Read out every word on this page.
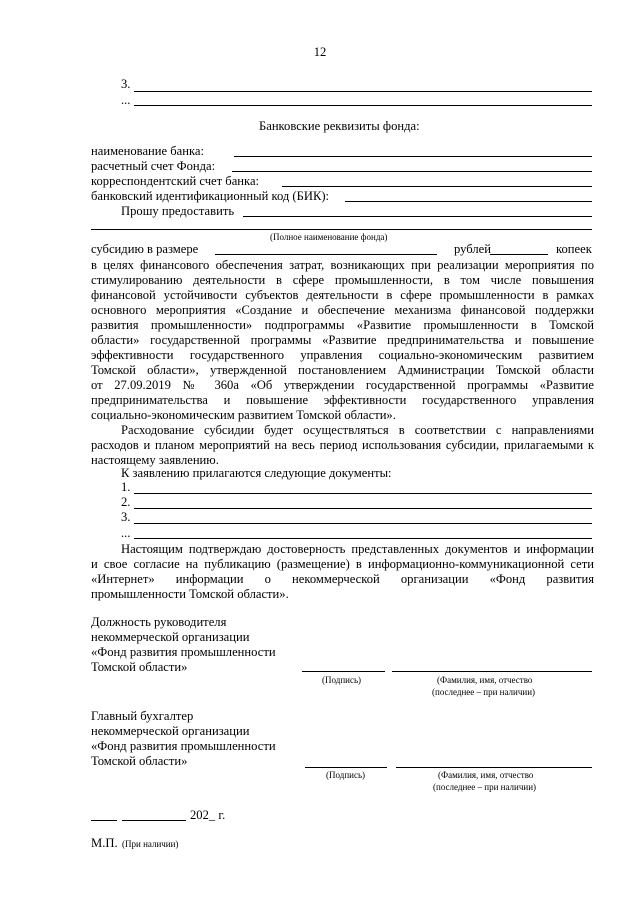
12
3.
...
Банковские реквизиты фонда:
наименование банка:
расчетный счет Фонда:
корреспондентский счет банка:
банковский идентификационный код (БИК):
Прошу предоставить
(Полное наименование фонда)
субсидию в размере	рублей	копеек
в целях финансового обеспечения затрат, возникающих при реализации мероприятия по
стимулированию деятельности в сфере промышленности, в том числе повышения
финансовой устойчивости субъектов деятельности в сфере промышленности в рамках
основного мероприятия «Создание и обеспечение механизма финансовой поддержки
развития промышленности» подпрограммы «Развитие промышленности в Томской
области» государственной программы «Развитие предпринимательства и повышение
эффективности государственного управления социально-экономическим развитием
Томской области», утвержденной постановлением Администрации Томской области
от 27.09.2019 № 360а «Об утверждении государственной программы «Развитие
предпринимательства и повышение эффективности государственного управления
социально-экономическим развитием Томской области».
Расходование субсидии будет осуществляться в соответствии с направлениями
расходов и планом мероприятий на весь период использования субсидии, прилагаемыми к
настоящему заявлению.
К заявлению прилагаются следующие документы:
1.
2.
3.
...
Настоящим подтверждаю достоверность представленных документов и информации
и свое согласие на публикацию (размещение) в информационно-коммуникационной сети
«Интернет» информации о некоммерческой организации «Фонд развития
промышленности Томской области».
Должность руководителя
некоммерческой организации
«Фонд развития промышленности
Томской области»
(Подпись)	(Фамилия, имя, отчество
(последнее – при наличии)
Главный бухгалтер
некоммерческой организации
«Фонд развития промышленности
Томской области»
(Подпись)	(Фамилия, имя, отчество
(последнее – при наличии)
202_ г.
М.П. (При наличии)
